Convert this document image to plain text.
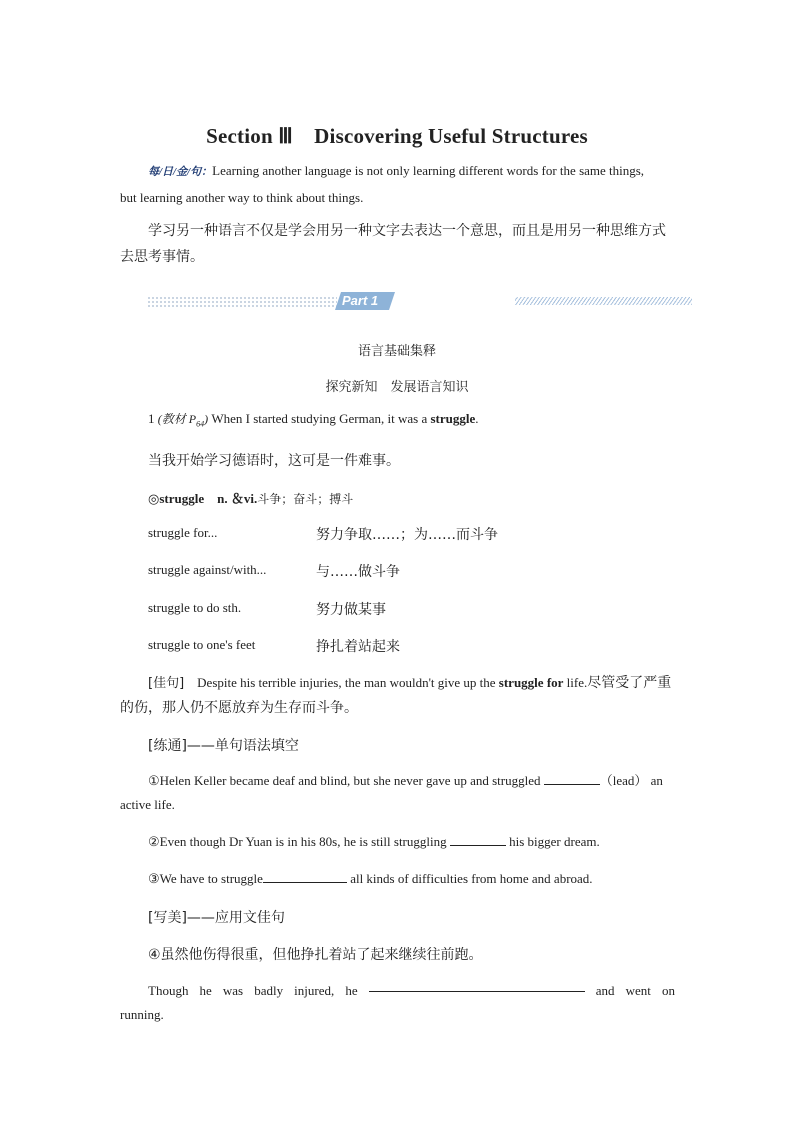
Section Ⅲ　Discovering Useful Structures
每/日/金/句：Learning another language is not only learning different words for the same things, but learning another way to think about things.
学习另一种语言不仅是学会用另一种文字去表达一个意思，而且是用另一种思维方式去思考事情。
Part 1
语言基础集释
探究新知　发展语言知识
1 (教材 $P_{64}$) When I started studying German, it was a struggle.
当我开始学习德语时，这可是一件难事。
◎struggle　n. ＆vi.斗争；奋斗；搏斗
struggle for...	努力争取……；为……而斗争
struggle against/with...	与……做斗争
struggle to do sth.	努力做某事
struggle to one's feet	挣扎着站起来
[佳句]　Despite his terrible injuries, the man wouldn't give up the struggle for life.尽管受了严重的伤，那人仍不愿放弃为生存而斗争。
[练通]——单句语法填空
①Helen Keller became deaf and blind, but she never gave up and struggled	（lead） an active life.
②Even though Dr Yuan is in his 80s, he is still struggling	his bigger dream.
③We have to struggle	all kinds of difficulties from home and abroad.
[写美]——应用文佳句
④虽然他伤得很重，但他挣扎着站了起来继续往前跑。
Though he was badly injured, he	and went on
running.
